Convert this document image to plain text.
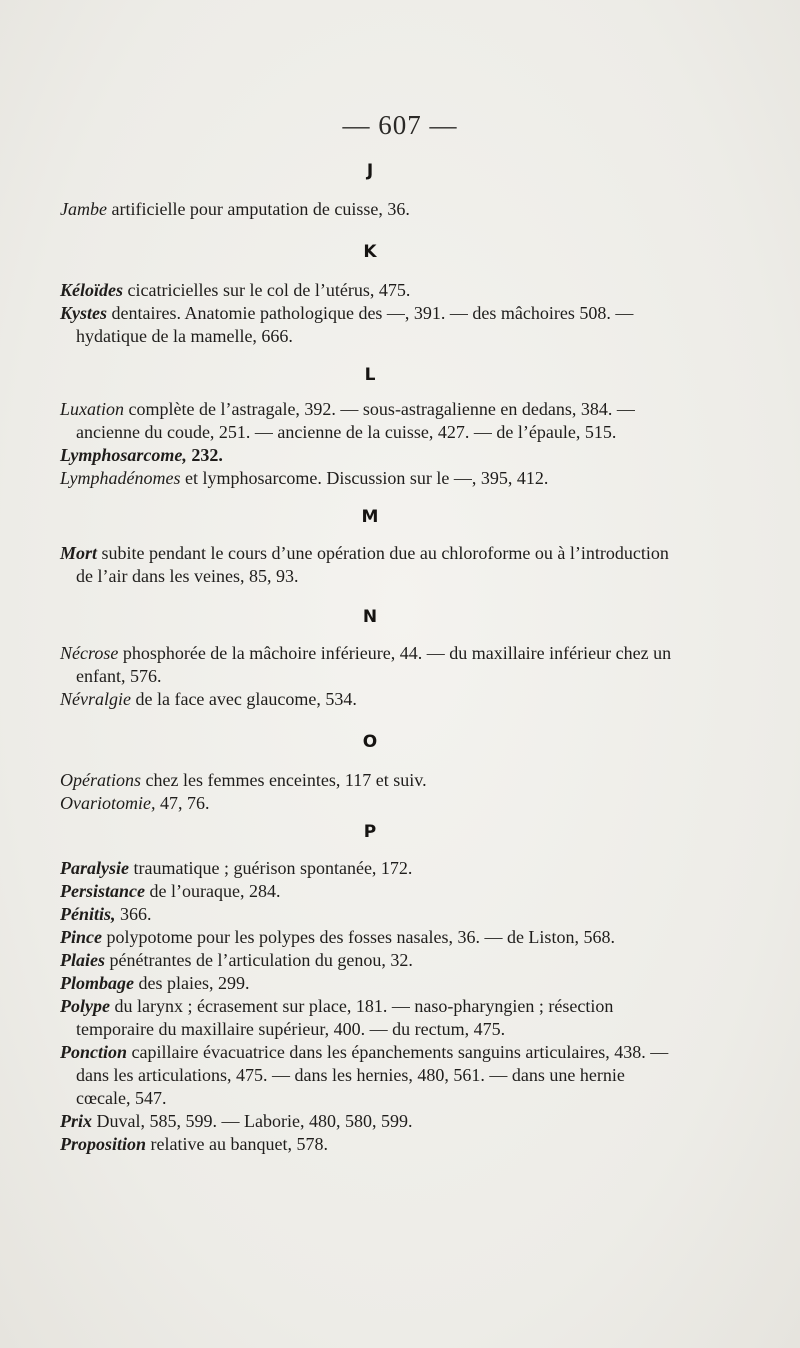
— 607 —
J
Jambe artificielle pour amputation de cuisse, 36.
K
Kéloïdes cicatricielles sur le col de l’utérus, 475.
Kystes dentaires. Anatomie pathologique des —, 391. — des mâchoires 508. — hydatique de la mamelle, 666.
L
Luxation complète de l’astragale, 392. — sous-astragalienne en dedans, 384. — ancienne du coude, 251. — ancienne de la cuisse, 427. — de l’épaule, 515.
Lymphosarcome, 232.
Lymphadénomes et lymphosarcome. Discussion sur le —, 395, 412.
M
Mort subite pendant le cours d’une opération due au chloroforme ou à l’introduction de l’air dans les veines, 85, 93.
N
Nécrose phosphorée de la mâchoire inférieure, 44. — du maxillaire inférieur chez un enfant, 576.
Névralgie de la face avec glaucome, 534.
O
Opérations chez les femmes enceintes, 117 et suiv.
Ovariotomie, 47, 76.
P
Paralysie traumatique ; guérison spontanée, 172.
Persistance de l’ouraque, 284.
Pénitis, 366.
Pince polypotome pour les polypes des fosses nasales, 36. — de Liston, 568.
Plaies pénétrantes de l’articulation du genou, 32.
Plombage des plaies, 299.
Polype du larynx ; écrasement sur place, 181. — naso-pharyngien ; résection temporaire du maxillaire supérieur, 400. — du rectum, 475.
Ponction capillaire évacuatrice dans les épanchements sanguins articulaires, 438. — dans les articulations, 475. — dans les hernies, 480, 561. — dans une hernie cœcale, 547.
Prix Duval, 585, 599. — Laborie, 480, 580, 599.
Proposition relative au banquet, 578.
